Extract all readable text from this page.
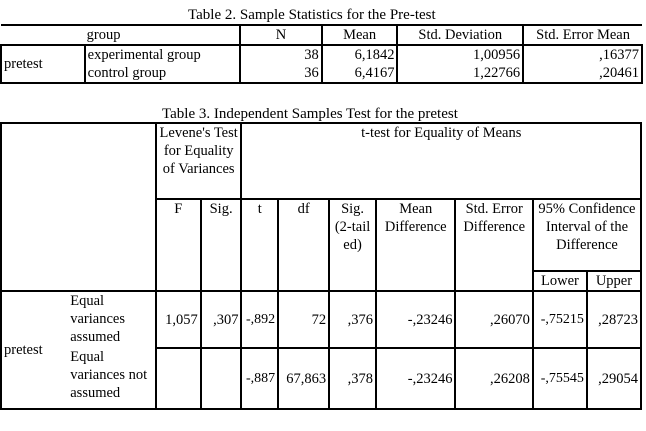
Table 2. Sample Statistics for the Pre-test
	group	N	Mean	Std. Deviation	Std. Error Mean
pretest	experimental group	38	6,1842	1,00956	,16377
	control group	36	6,4167	1,22766	,20461
Table 3. Independent Samples Test for the pretest
		Levene's Test for Equality of Variances		t-test for Equality of Means						
		F	Sig.	t	df	Sig. (2-tail ed)	Mean Difference	Std. Error Difference	95% Confidence Interval of the Difference	
									Lower	Upper
pretest	Equal variances assumed	1,057	,307	-,892	72	,376	-,23246	,26070	-,75215	,28723
	Equal variances not assumed			-,887	67,863	,378	-,23246	,26208	-,75545	,29054
